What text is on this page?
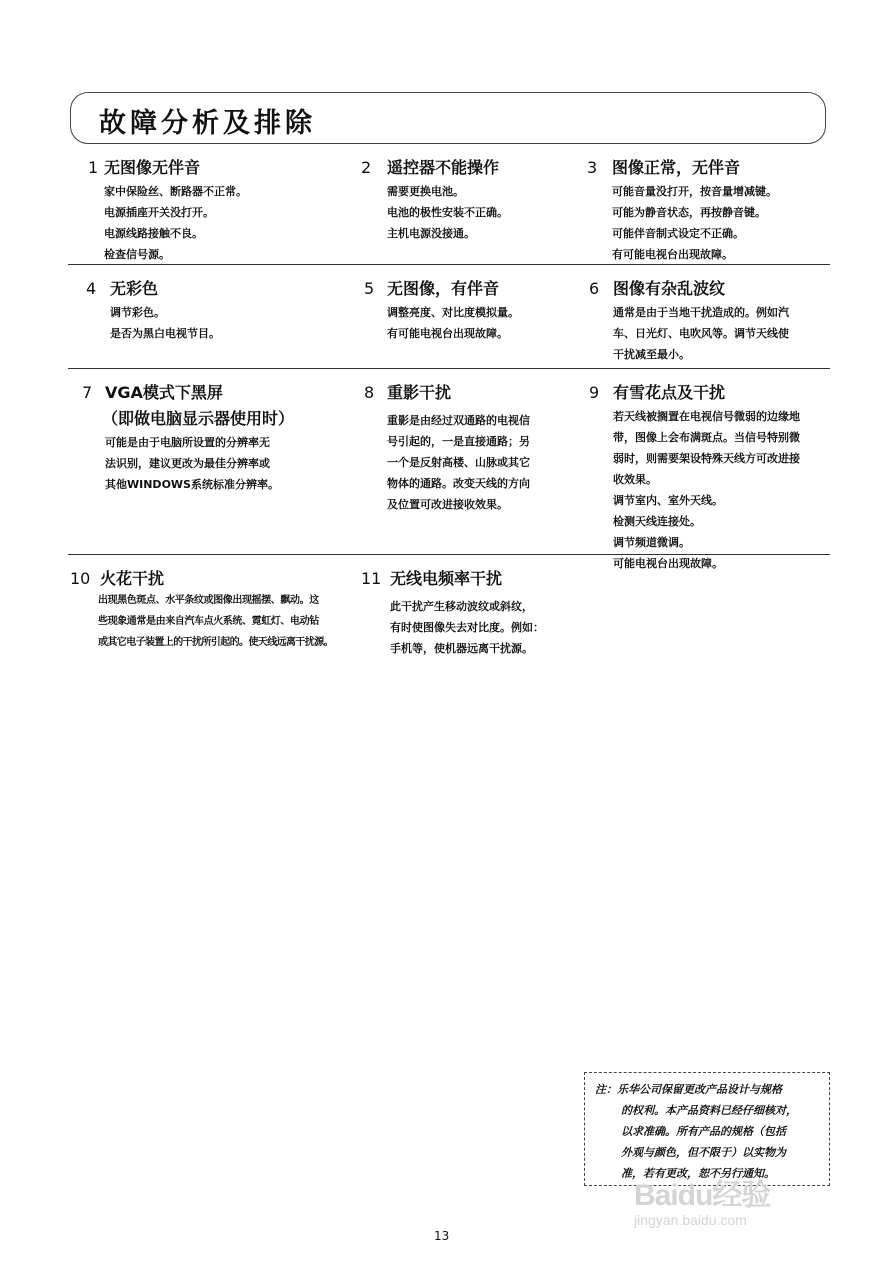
故障分析及排除
1 无图像无伴音
家中保险丝、断路器不正常。
电源插座开关没打开。
电源线路接触不良。
检查信号源。
2 遥控器不能操作
需要更换电池。
电池的极性安装不正确。
主机电源没接通。
3 图像正常，无伴音
可能音量没打开，按音量增减键。
可能为静音状态，再按静音键。
可能伴音制式设定不正确。
有可能电视台出现故障。
4 无彩色
调节彩色。
是否为黑白电视节目。
5 无图像，有伴音
调整亮度、对比度模拟量。
有可能电视台出现故障。
6 图像有杂乱波纹
通常是由于当地干扰造成的。例如汽
车、日光灯、电吹风等。调节天线使
干扰减至最小。
7 VGA模式下黑屏
（即做电脑显示器使用时）
可能是由于电脑所设置的分辨率无
法识别，建议更改为最佳分辨率或
其他WINDOWS系统标准分辨率。
8 重影干扰
重影是由经过双通路的电视信
号引起的，一是直接通路；另
一个是反射高楼、山脉或其它
物体的通路。改变天线的方向
及位置可改进接收效果。
9 有雪花点及干扰
若天线被搁置在电视信号微弱的边缘地
带，图像上会布满斑点。当信号特别微
弱时，则需要架设特殊天线方可改进接
收效果。
调节室内、室外天线。
检测天线连接处。
调节频道微调。
可能电视台出现故障。
10 火花干扰
出现黑色斑点、水平条纹或图像出现摇摆、飘动。这
些现象通常是由来自汽车点火系统、霓虹灯、电动钻
或其它电子装置上的干扰所引起的。使天线远离干扰源。
11 无线电频率干扰
此干扰产生移动波纹或斜纹，
有时使图像失去对比度。例如：
手机等，使机器远离干扰源。
注：乐华公司保留更改产品设计与规格
的权利。本产品资料已经仔细核对，
以求准确。所有产品的规格（包括
外观与颜色，但不限于）以实物为
准，若有更改，恕不另行通知。
Baidu经验
jingyan.baidu.com
13
